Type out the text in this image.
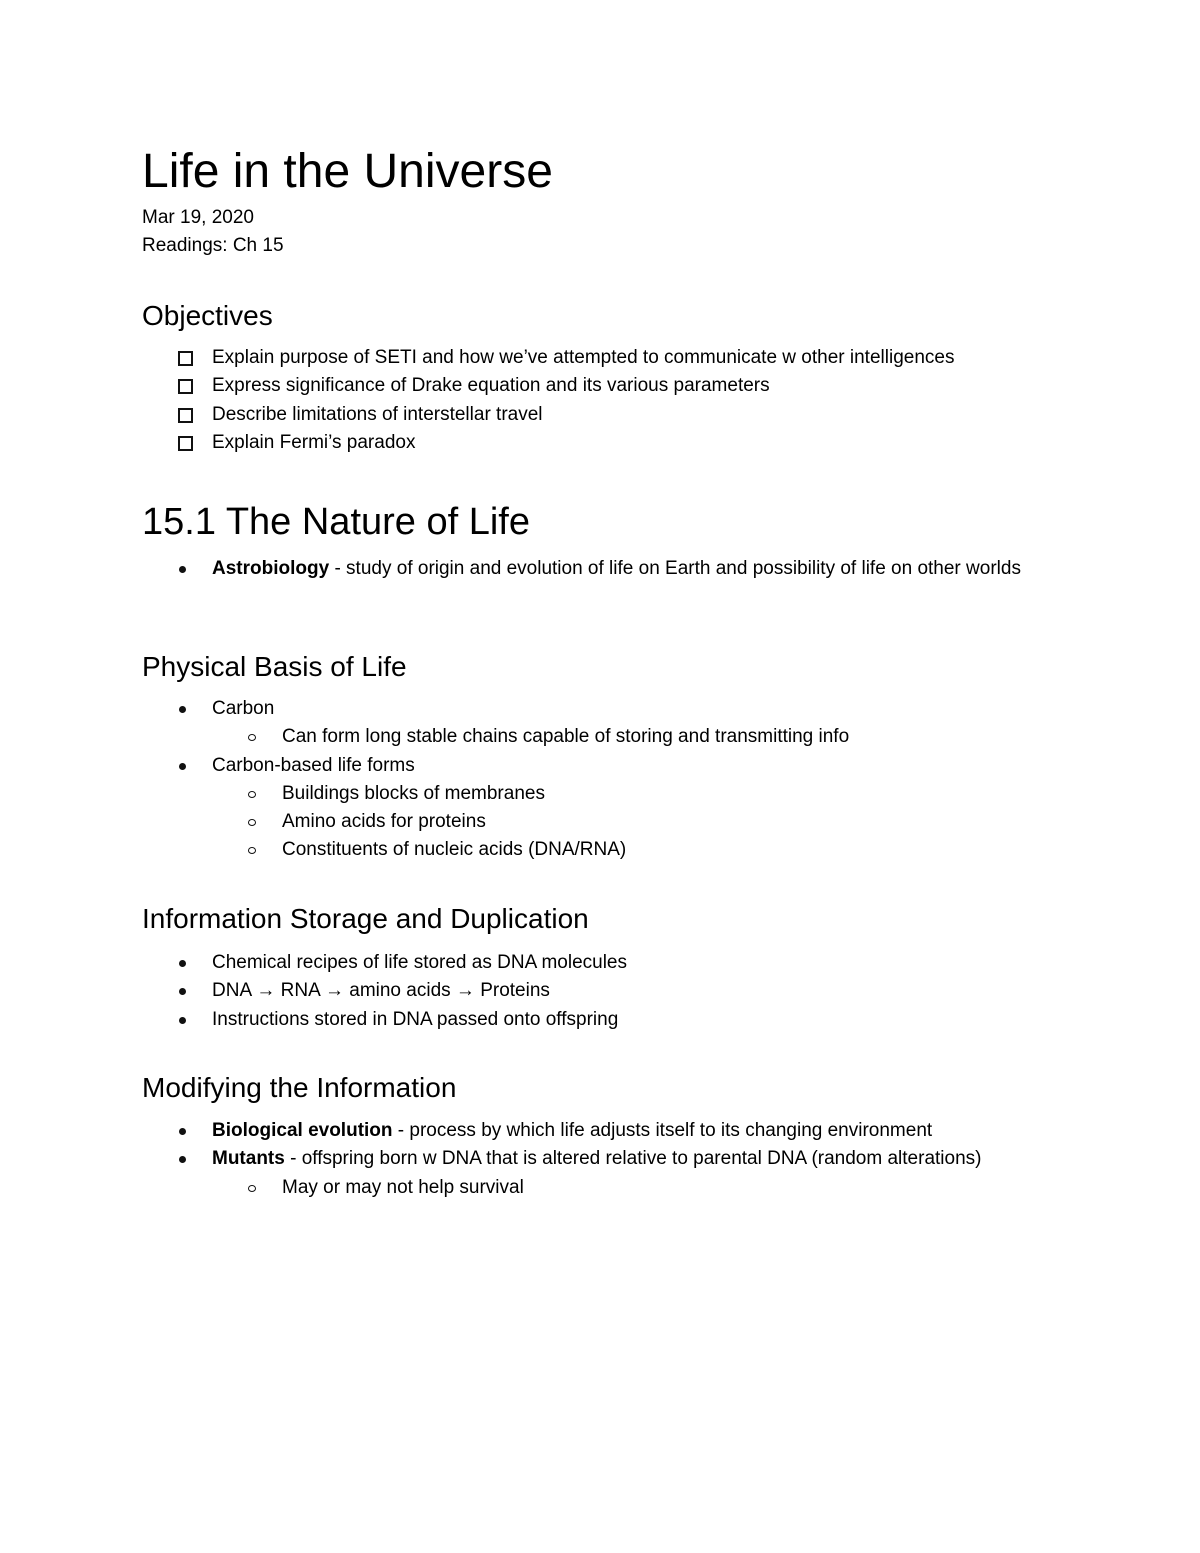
Life in the Universe

Mar 19, 2020

Readings: Ch 15

Objectives
Explain purpose of SETI and how we’ve attempted to communicate w other intelligences
Express significance of Drake equation and its various parameters
Describe limitations of interstellar travel
Explain Fermi’s paradox
15.1 The Nature of Life
Astrobiology - study of origin and evolution of life on Earth and possibility of life on other worlds
Physical Basis of Life
Carbon
Can form long stable chains capable of storing and transmitting info
Carbon-based life forms
Buildings blocks of membranes
Amino acids for proteins
Constituents of nucleic acids (DNA/RNA)
Information Storage and Duplication
Chemical recipes of life stored as DNA molecules
DNA → RNA → amino acids → Proteins
Instructions stored in DNA passed onto offspring
Modifying the Information
Biological evolution - process by which life adjusts itself to its changing environment
Mutants - offspring born w DNA that is altered relative to parental DNA (random alterations)
May or may not help survival
